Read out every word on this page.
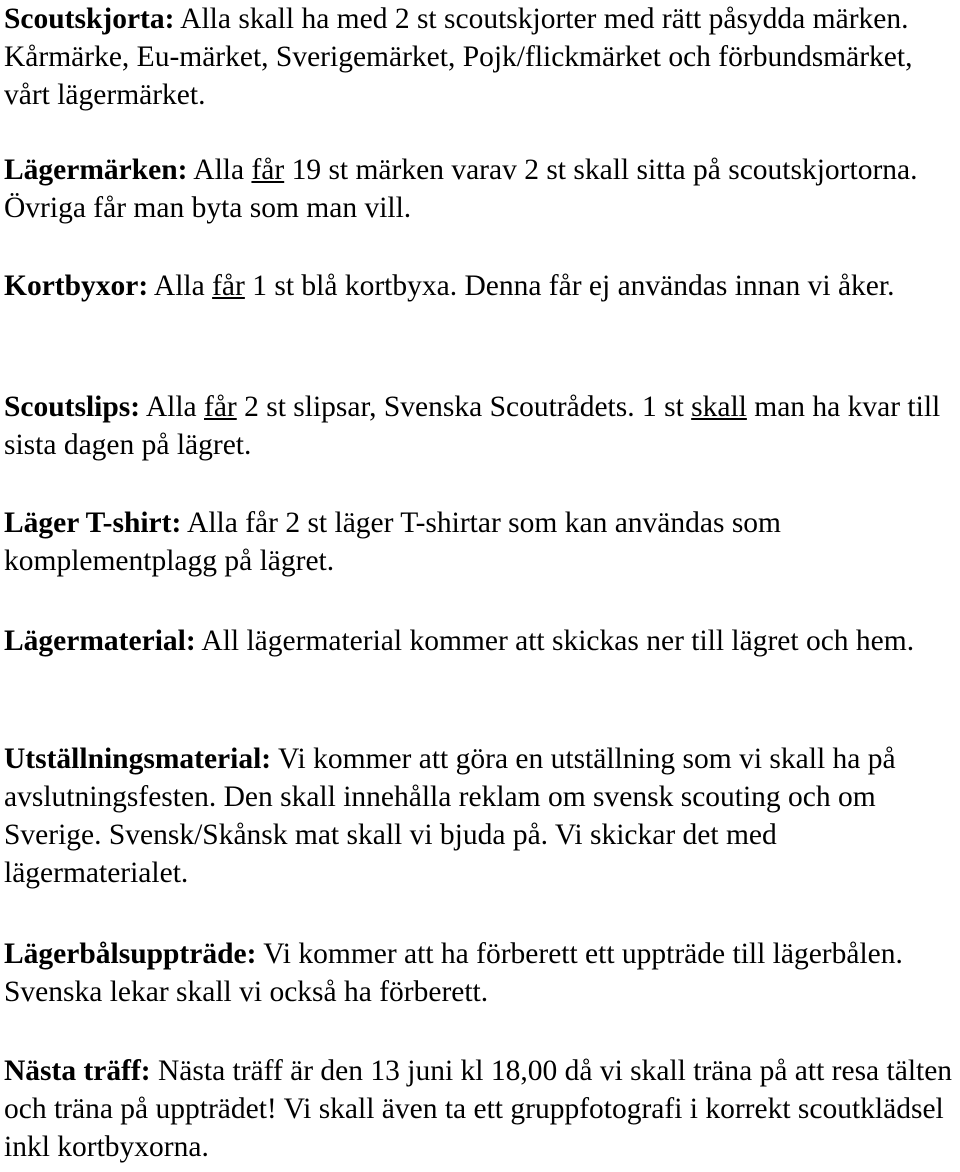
Scoutskjorta: Alla skall ha med 2 st scoutskjorter med rätt påsydda märken. Kårmärke, Eu-märket, Sverigemärket, Pojk/flickmärket och förbundsmärket, vårt lägermärket.

Lägermärken: Alla får 19 st märken varav 2 st skall sitta på scoutskjortorna. Övriga får man byta som man vill.

Kortbyxor: Alla får 1 st blå kortbyxa. Denna får ej användas innan vi åker.

Scoutslips: Alla får 2 st slipsar, Svenska Scoutrådets. 1 st skall man ha kvar till sista dagen på lägret.

Läger T-shirt: Alla får 2 st läger T-shirtar som kan användas som komplementplagg på lägret.

Lägermaterial: All lägermaterial kommer att skickas ner till lägret och hem.

Utställningsmaterial: Vi kommer att göra en utställning som vi skall ha på avslutningsfesten. Den skall innehålla reklam om svensk scouting och om Sverige. Svensk/Skånsk mat skall vi bjuda på. Vi skickar det med lägermaterialet.

Lägerbålsuppträde: Vi kommer att ha förberett ett uppträde till lägerbålen. Svenska lekar skall vi också ha förberett.

Nästa träff: Nästa träff är den 13 juni kl 18,00 då vi skall träna på att resa tälten och träna på uppträdet! Vi skall även ta ett gruppfotografi i korrekt scoutklädsel inkl kortbyxorna.
